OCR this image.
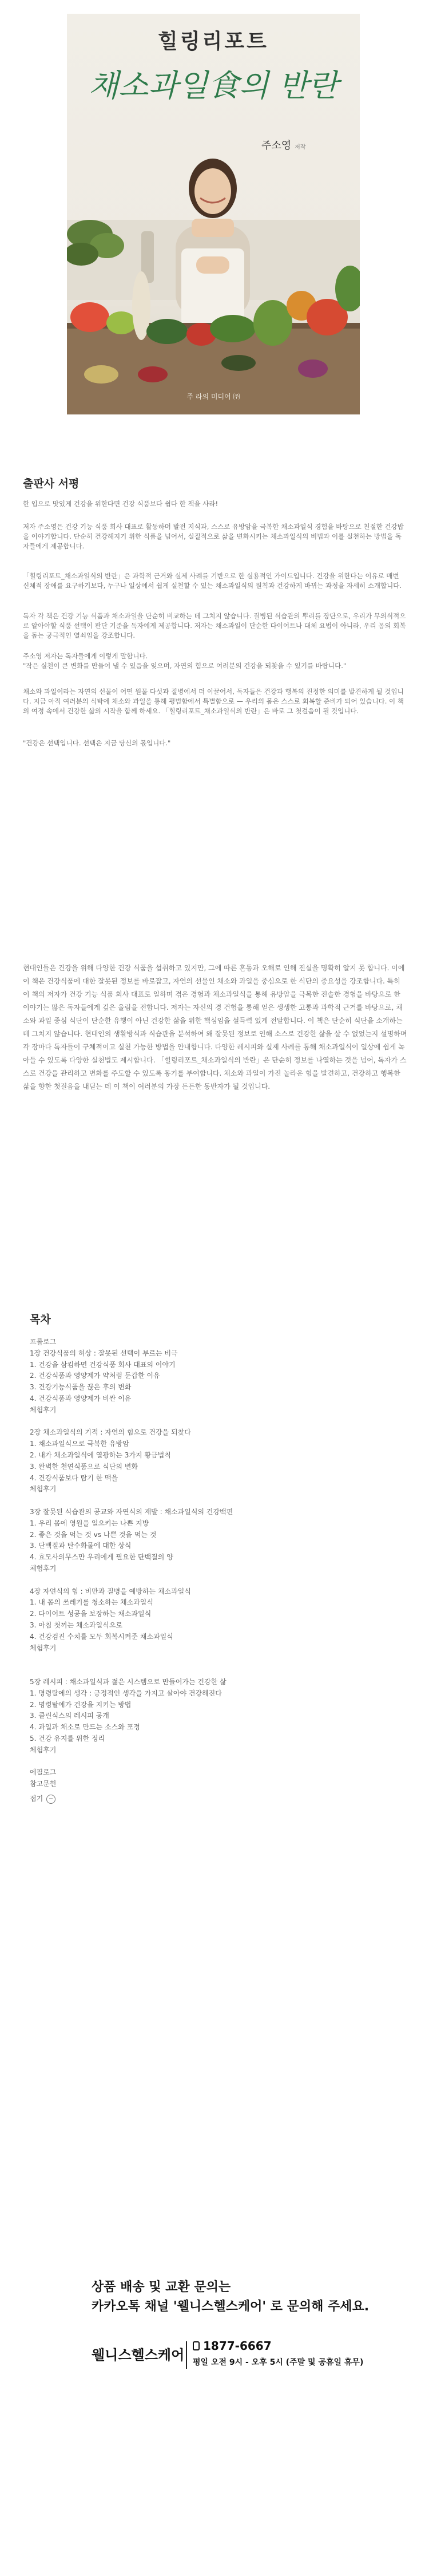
힐링리포트
채소과일食의 반란
주소영 저작
주 라의 미디어 ㈜
출판사 서평
한 입으로 맛있게 건강을 위한다면 건강 식품보다 쉽다 한 책을 사라!
저자 주소영은 건강 기능 식품 회사 대표로 활동하며 발전 지식과, 스스로 유방암을 극복한 채소과일식 경험을 바탕으로 친절한 건강밥을 이야기합니다. 단순히 건강해지기 위한 식품을 넘어서, 실질적으로 삶을 변화시키는 채소과일식의 비법과 이를 실천하는 방법을 독자들에게 제공합니다.
「힐링리포트_채소과일식의 반란」은 과학적 근거와 실제 사례를 기반으로 한 실용적인 가이드입니다. 건강을 위한다는 이유로 매번 신체적 장애를 요구하기보다, 누구나 일상에서 쉽게 실천할 수 있는 채소과일식의 원칙과 건강하게 바뀌는 과정을 자세히 소개합니다.
독자 각 책은 건강 기능 식품과 채소과일을 단순히 비교하는 데 그치지 않습니다. 질병된 식습관의 뿌리를 장단으로, 우리가 무의식적으로 알아야할 식품 선택이 판단 기준을 독자에게 제공합니다. 저자는 채소과일이 단순한 다이어트나 대체 요법이 아니라, 우리 몸의 회복을 돕는 궁극적인 열쇠임을 강조합니다.
주소영 저자는 독자들에게 이렇게 말합니다.
"작은 실천이 큰 변화를 만들어 낼 수 있음을 잊으며, 자연의 힘으로 여러분의 건강을 되찾을 수 있기를 바랍니다."
채소와 과일이라는 자연의 선물이 어떤 원물 다섯과 질병에서 더 이끌어서, 독자들은 건강과 행복의 진정한 의미를 발견하게 될 것입니다. 지금 아직 여러분의 식탁에 채소와 과일을 통해 평범함에서 특별함으로 — 우리의 몸은 스스로 회복할 준비가 되어 있습니다. 이 책의 여정 속에서 건강한 삶의 시작을 함께 하세요. 「힐링리포트_채소과일식의 반란」은 바로 그 첫걸음이 될 것입니다.
"건강은 선택입니다. 선택은 지금 당신의 몫입니다."
현대인들은 건강을 위해 다양한 건강 식품을 섭취하고 있지만, 그에 따른 혼동과 오해로 인해 진실을 명확히 알지 못 합니다. 이에 이 책은 건강식품에 대한 잘못된 정보를 바로잡고, 자연의 선물인 채소와 과일을 중심으로 한 식단의 중요성을 강조합니다. 특히 이 책의 저자가 건강 기능 식품 회사 대표로 일하며 겪은 경험과 채소과일식을 통해 유방암을 극복한 진솔한 경험을 바탕으로 한 이야기는 많은 독자들에게 깊은 울림을 전합니다. 저자는 자신의 경 건험을 통해 얻은 생생한 고통과 과학적 근거를 바탕으로, 채소와 과일 중심 식단이 단순한 유행이 아닌 건강한 삶을 위한 핵심임을 설득력 있게 전달합니다. 이 책은 단순히 식단을 소개하는 데 그치지 않습니다. 현대인의 생활방식과 식습관을 분석하여 왜 잘못된 정보로 인해 소스로 건강한 삶을 살 수 없었는지 설명하며 각 장마다 독자들이 구체적이고 실천 가능한 방법을 안내합니다. 다양한 레시피와 실제 사례를 통해 채소과일식이 일상에 쉽게 녹아들 수 있도록 다양한 실천법도 제시합니다. 「힐링리포트_채소과일식의 반란」은 단순히 정보를 나열하는 것을 넘어, 독자가 스스로 건강을 관리하고 변화를 주도할 수 있도록 동기를 부여합니다. 채소와 과일이 가진 놀라운 힘을 발견하고, 건강하고 행복한 삶을 향한 첫걸음을 내딛는 데 이 책이 여러분의 가장 든든한 동반자가 될 것입니다.
목차
프롤로그
1장 건강식품의 허상 : 잘못된 선택이 부르는 비극
1. 건강을 삼킴하면 건강식품 회사 대표의 이야기
2. 건강식품과 영양제가 약처럼 둔갑한 이유
3. 건강기능식품을 끊은 후의 변화
4. 건강식품과 영양제가 비싼 이유
체험후기

2장 채소과일식의 기적 : 자연의 힘으로 건강을 되찾다
1. 채소과일식으로 극복한 유방암
2. 내가 채소과일식에 열광하는 3가지 황금법칙
3. 완벽한 천연식품으로 식단의 변화
4. 건강식품보다 탐기 한 맥을
체험후기

3장 잘못된 식습관의 공교와 자연식의 재발 : 채소과일식의 건강백편
1. 우리 몸에 영원을 일으키는 나쁜 지방
2. 좋은 것을 먹는 것 vs 나쁜 것을 먹는 것
3. 단백질과 탄수화물에 대한 상식
4. 효모사의무스만 우리에게 필요한 단백질의 양
체험후기

4장 자연식의 힘 : 비만과 질병을 예방하는 채소과일식
1. 내 몸의 쓰레기를 청소하는 채소과일식
2. 다이어트 성공을 보장하는 채소과일식
3. 아침 첫끼는 채소과일식으로
4. 건강검진 수치를 모두 회복시켜준 채소과일식
체험후기

5장 레시피 : 채소과일식과 젊은 시스템으로 만들어가는 건강한 삶
1. 명령탈에의 생각 : 긍정적인 생각을 가지고 살아야 건강해진다
2. 명령탈에가 건강을 지키는 방법
3. 클린식스의 레시피 공개
4. 과일과 채소로 만드는 소스와 포정
5. 건강 유지를 위한 정리
체험후기

에필로그
참고문헌
접기 −
상품 배송 및 교환 문의는
카카오톡 채널 '웰니스헬스케어' 로 문의해 주세요.
웰니스헬스케어
1877-6667
평일 오전 9시 - 오후 5시 (주말 및 공휴일 휴무)
